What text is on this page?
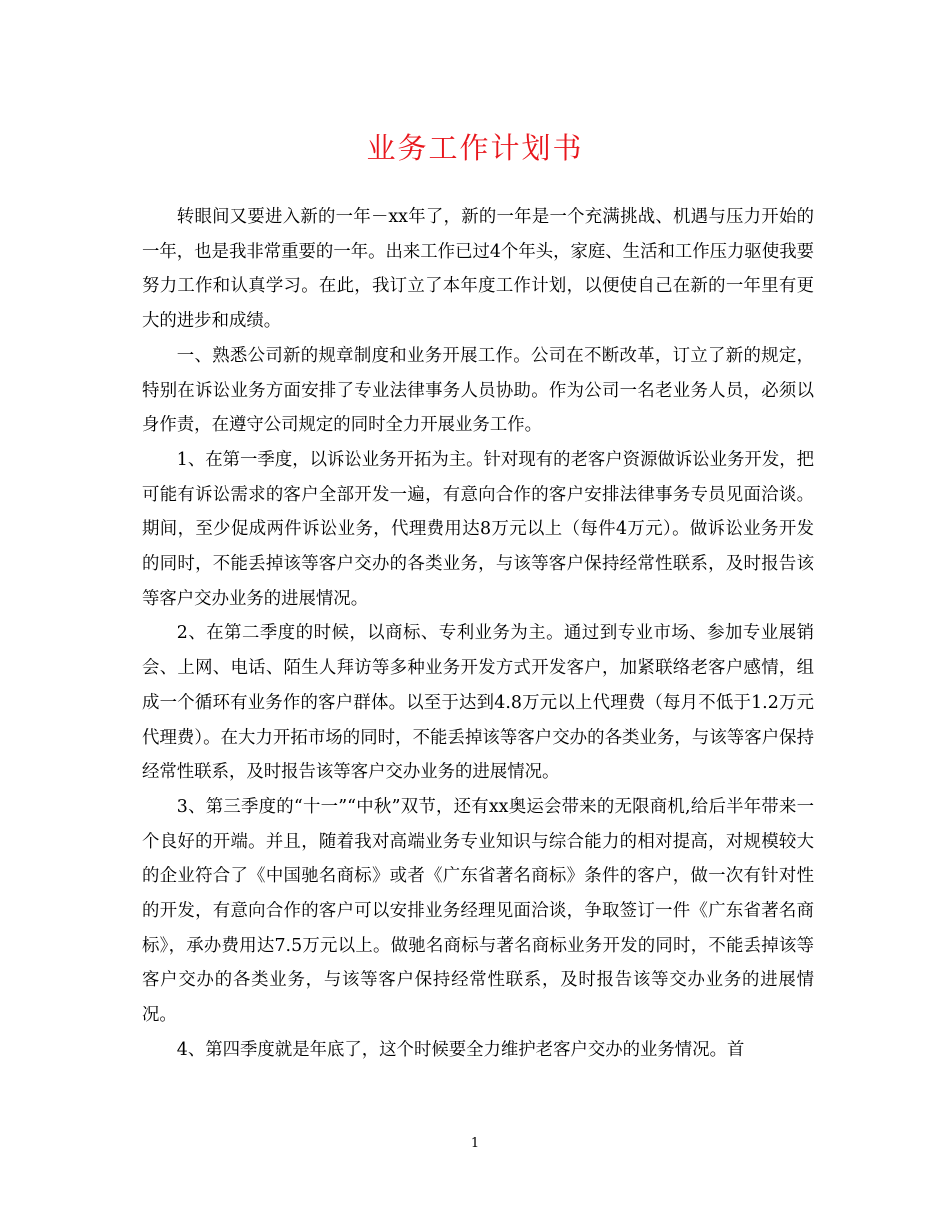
业务工作计划书

转眼间又要进入新的一年－xx年了，新的一年是一个充满挑战、机遇与压力开始的一年，也是我非常重要的一年。出来工作已过4个年头，家庭、生活和工作压力驱使我要努力工作和认真学习。在此，我订立了本年度工作计划，以便使自己在新的一年里有更大的进步和成绩。

一、熟悉公司新的规章制度和业务开展工作。公司在不断改革，订立了新的规定，特别在诉讼业务方面安排了专业法律事务人员协助。作为公司一名老业务人员，必须以身作责，在遵守公司规定的同时全力开展业务工作。

1、在第一季度，以诉讼业务开拓为主。针对现有的老客户资源做诉讼业务开发，把可能有诉讼需求的客户全部开发一遍，有意向合作的客户安排法律事务专员见面洽谈。期间，至少促成两件诉讼业务，代理费用达8万元以上（每件4万元）。做诉讼业务开发的同时，不能丢掉该等客户交办的各类业务，与该等客户保持经常性联系，及时报告该等客户交办业务的进展情况。

2、在第二季度的时候，以商标、专利业务为主。通过到专业市场、参加专业展销会、上网、电话、陌生人拜访等多种业务开发方式开发客户，加紧联络老客户感情，组成一个循环有业务作的客户群体。以至于达到4.8万元以上代理费（每月不低于1.2万元代理费）。在大力开拓市场的同时，不能丢掉该等客户交办的各类业务，与该等客户保持经常性联系，及时报告该等客户交办业务的进展情况。

3、第三季度的“十一”“中秋”双节，还有xx奥运会带来的无限商机,给后半年带来一个良好的开端。并且，随着我对高端业务专业知识与综合能力的相对提高，对规模较大的企业符合了《中国驰名商标》或者《广东省著名商标》条件的客户，做一次有针对性的开发，有意向合作的客户可以安排业务经理见面洽谈，争取签订一件《广东省著名商标》，承办费用达7.5万元以上。做驰名商标与著名商标业务开发的同时，不能丢掉该等客户交办的各类业务，与该等客户保持经常性联系，及时报告该等交办业务的进展情况。

4、第四季度就是年底了，这个时候要全力维护老客户交办的业务情况。首

1
